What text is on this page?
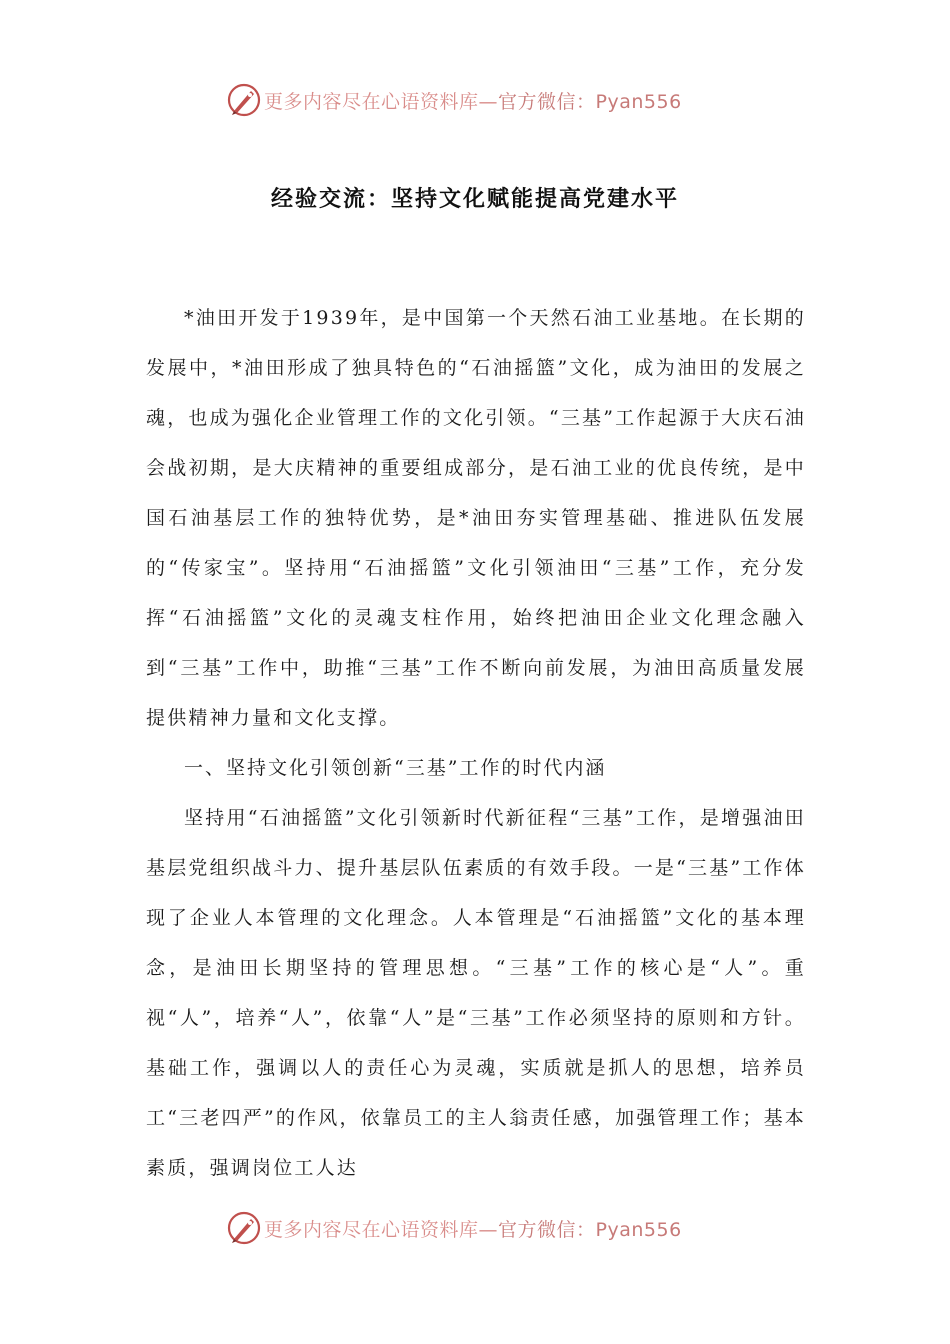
更多内容尽在心语资料库—官方微信：Pyan556
经验交流：坚持文化赋能提高党建水平

*油田开发于1939年，是中国第一个天然石油工业基地。在长期的发展中，*油田形成了独具特色的“石油摇篮”文化，成为油田的发展之魂，也成为强化企业管理工作的文化引领。“三基”工作起源于大庆石油会战初期，是大庆精神的重要组成部分，是石油工业的优良传统，是中国石油基层工作的独特优势，是*油田夯实管理基础、推进队伍发展的“传家宝”。坚持用“石油摇篮”文化引领油田“三基”工作，充分发挥“石油摇篮”文化的灵魂支柱作用，始终把油田企业文化理念融入到“三基”工作中，助推“三基”工作不断向前发展，为油田高质量发展提供精神力量和文化支撑。

一、坚持文化引领创新“三基”工作的时代内涵

坚持用“石油摇篮”文化引领新时代新征程“三基”工作，是增强油田基层党组织战斗力、提升基层队伍素质的有效手段。一是“三基”工作体现了企业人本管理的文化理念。人本管理是“石油摇篮”文化的基本理念，是油田长期坚持的管理思想。“三基”工作的核心是“人”。重视“人”，培养“人”，依靠“人”是“三基”工作必须坚持的原则和方针。基础工作，强调以人的责任心为灵魂，实质就是抓人的思想，培养员工“三老四严”的作风，依靠员工的主人翁责任感，加强管理工作；基本素质，强调岗位工人达

更多内容尽在心语资料库—官方微信：Pyan556
